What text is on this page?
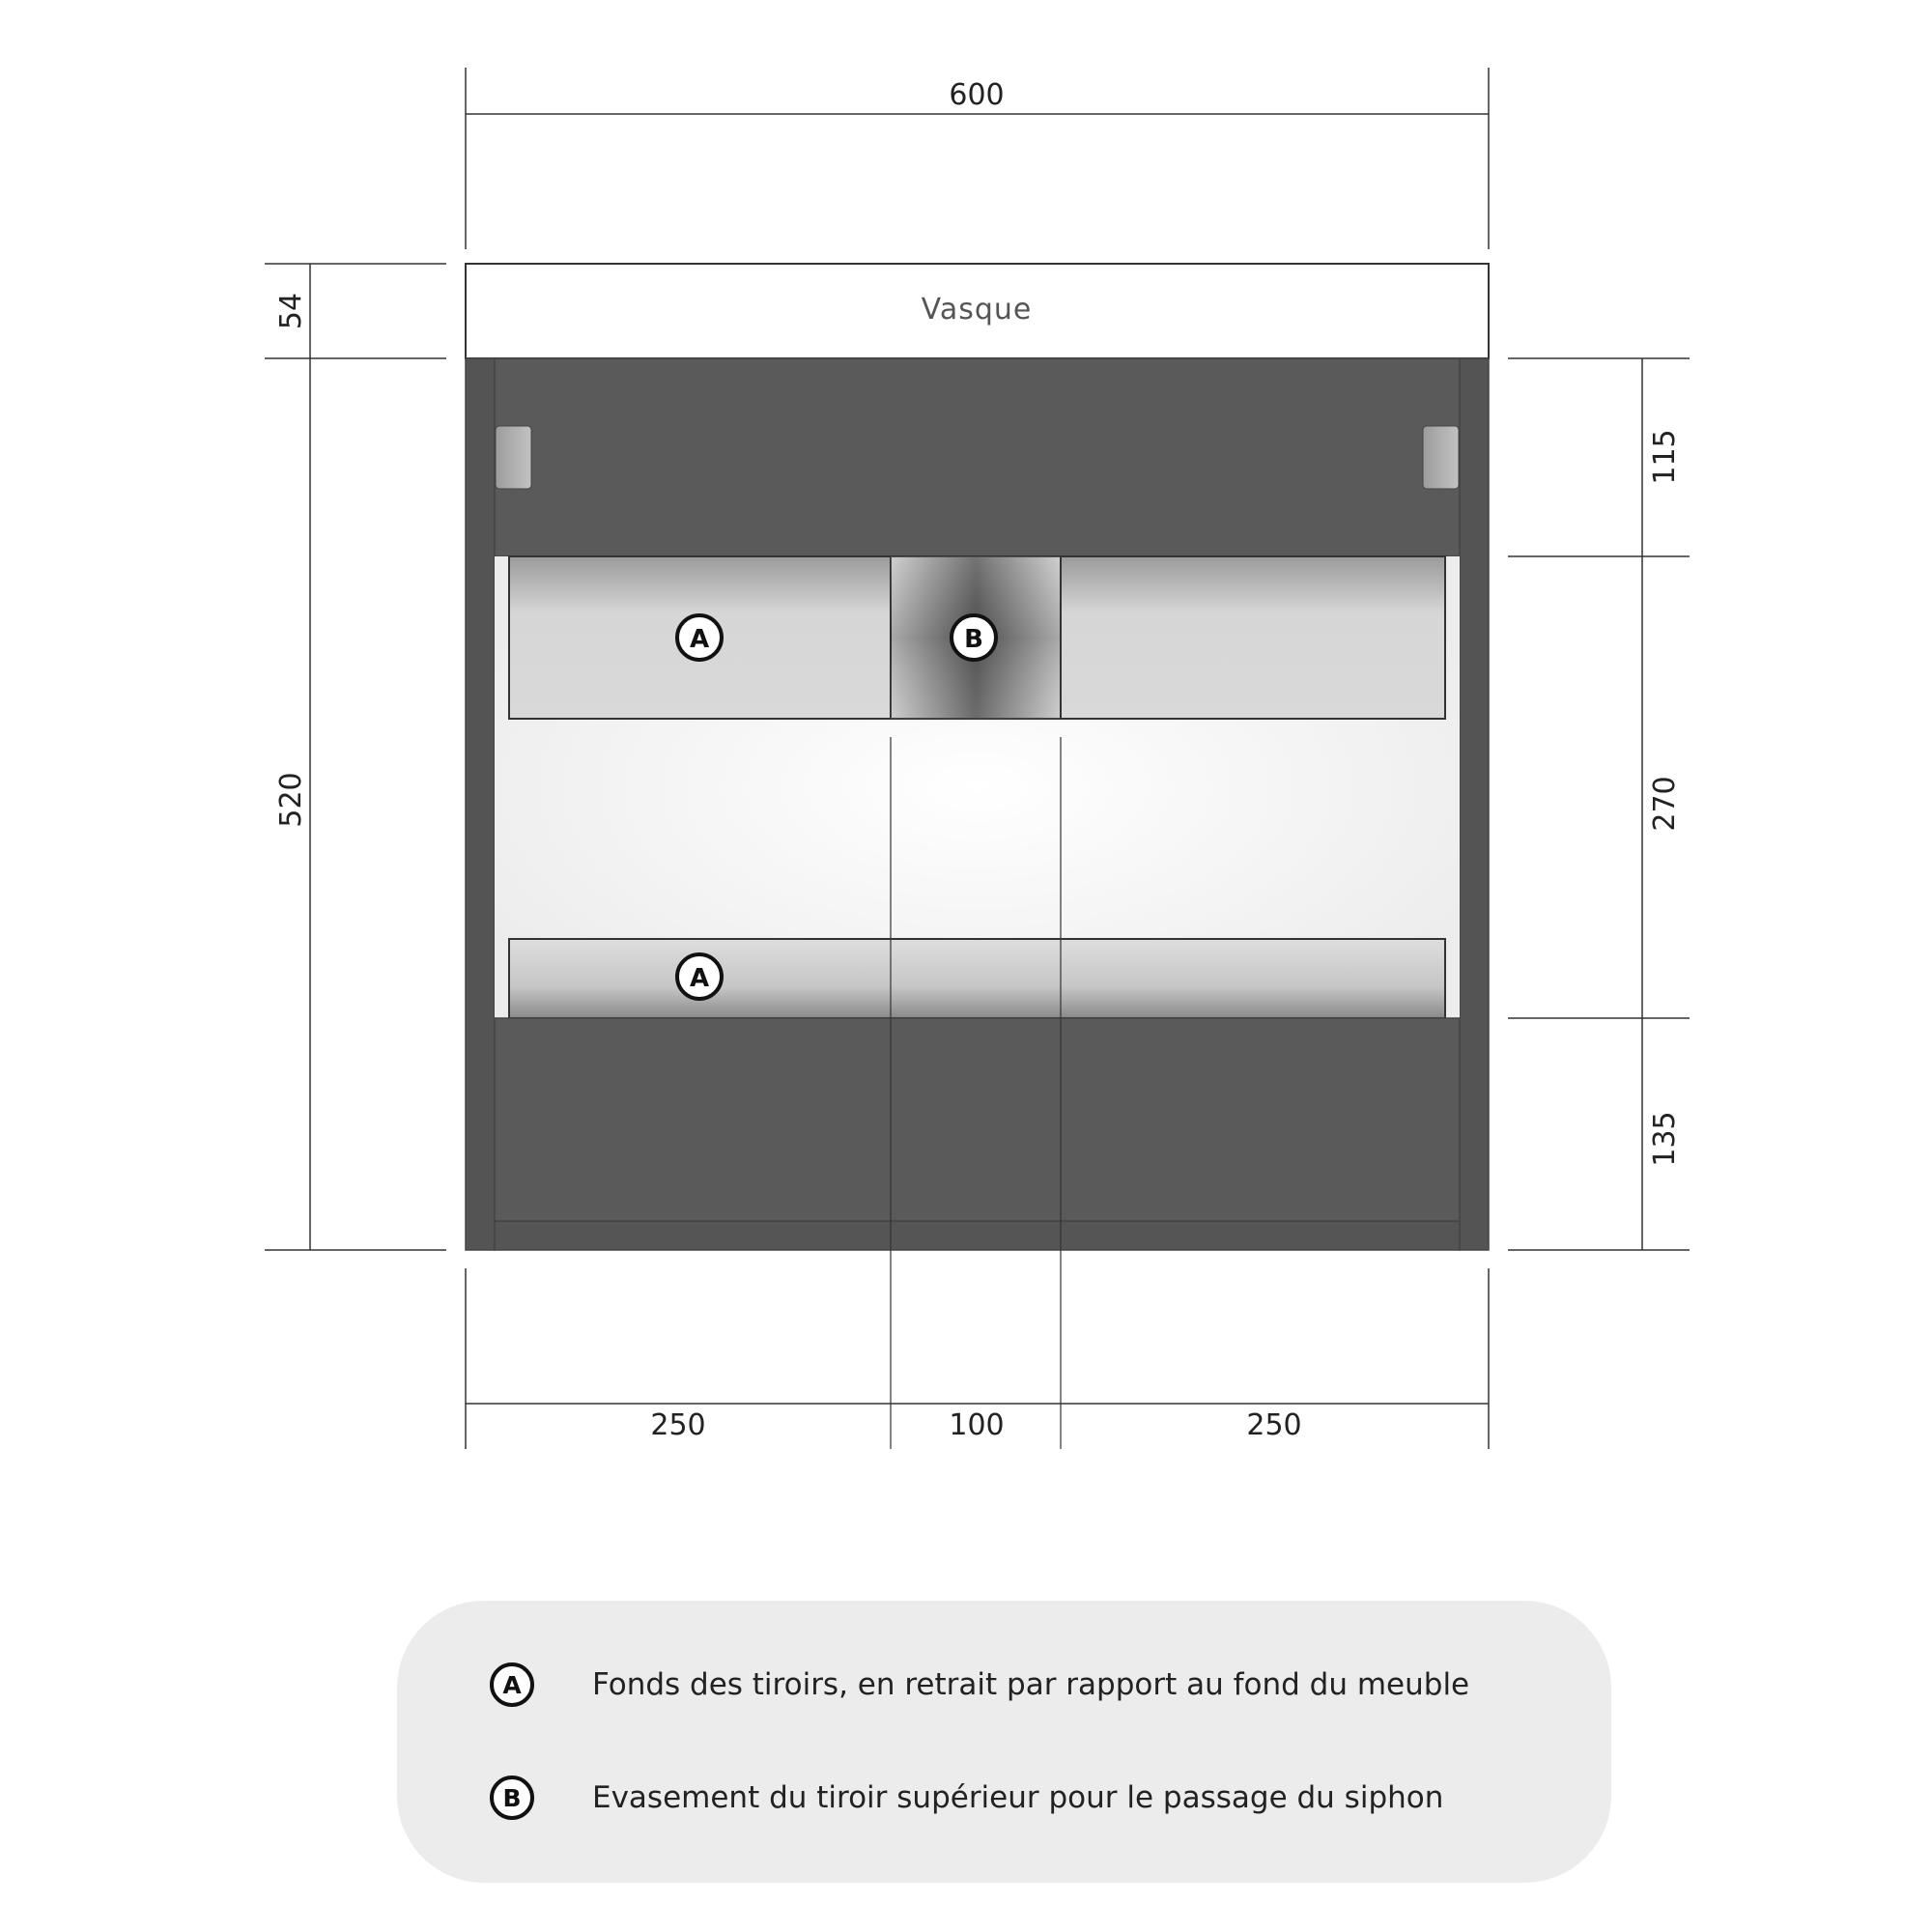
600
54
520
115
270
135
250	100	250
Vasque
A	B
A
A	Fonds des tiroirs, en retrait par rapport au fond du meuble
B	Evasement du tiroir supérieur pour le passage du siphon
